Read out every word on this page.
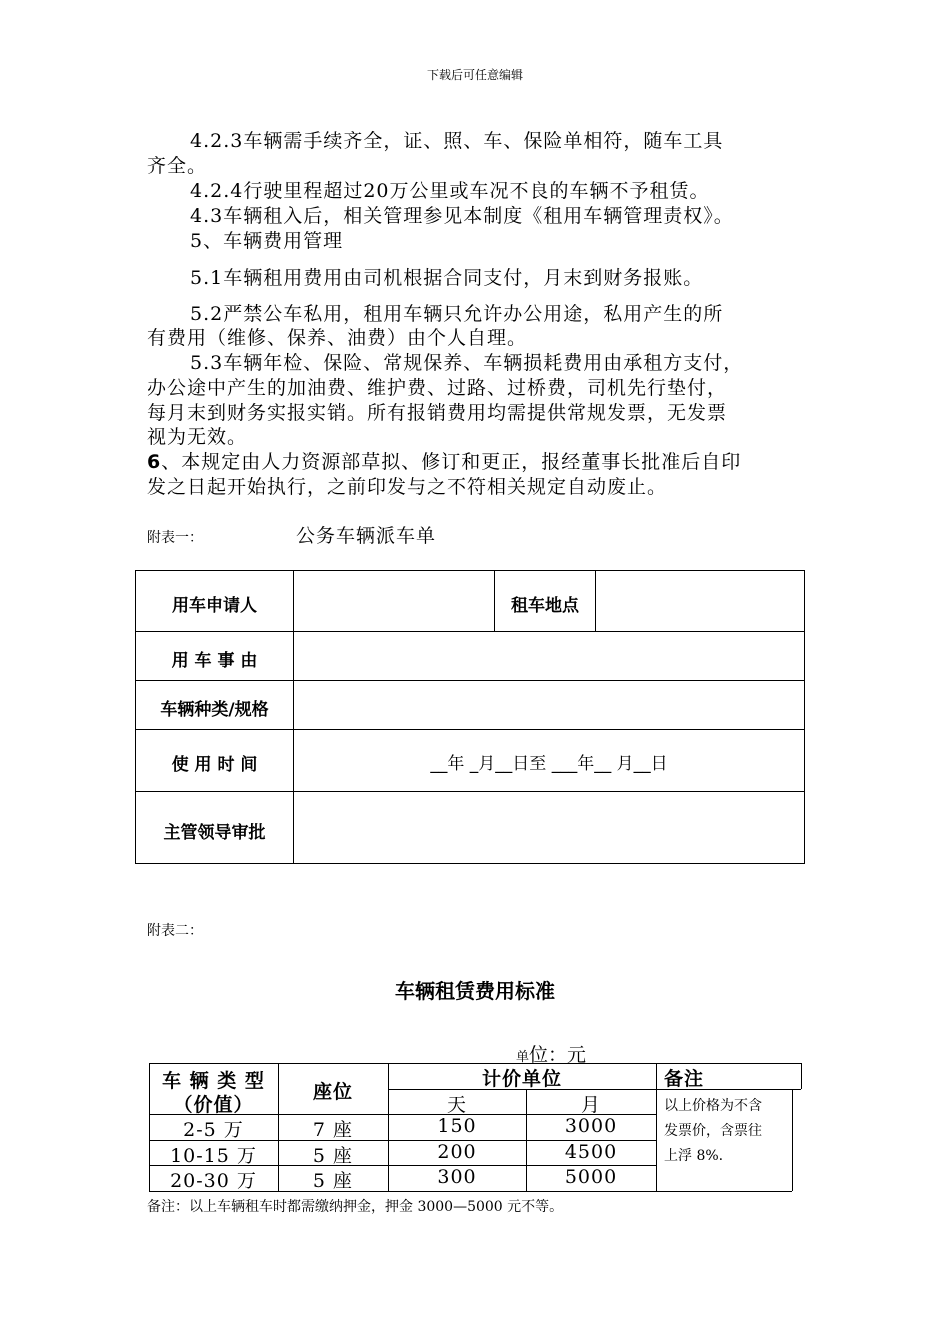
下载后可任意编辑
4.2.3车辆需手续齐全，证、照、车、保险单相符，随车工具
齐全。
4.2.4行驶里程超过20万公里或车况不良的车辆不予租赁。
4.3车辆租入后，相关管理参见本制度《租用车辆管理责权》。
5、车辆费用管理
5.1车辆租用费用由司机根据合同支付，月末到财务报账。
5.2严禁公车私用，租用车辆只允许办公用途，私用产生的所
有费用（维修、保养、油费）由个人自理。
5.3车辆年检、保险、常规保养、车辆损耗费用由承租方支付，
办公途中产生的加油费、维护费、过路、过桥费，司机先行垫付，
每月末到财务实报实销。所有报销费用均需提供常规发票，无发票
视为无效。
6、本规定由人力资源部草拟、修订和更正，报经董事长批准后自印
发之日起开始执行，之前印发与之不符相关规定自动废止。
附表一：	公务车辆派车单
用车申请人	租车地点
用 车 事 由
车辆种类/规格
使 用 时 间	__年 _月__日至 ___年__ 月__日
主管领导审批
附表二：
车辆租赁费用标准
单位：元
车 辆 类 型
（价值）
座位
计价单位
天	月
备注
2-5 万	7 座	150	3000
10-15 万	5 座	200	4500
20-30 万	5 座	300	5000
以上价格为不含
发票价，含票往
上浮 8%.
备注：以上车辆租车时都需缴纳押金，押金 3000—5000 元不等。
